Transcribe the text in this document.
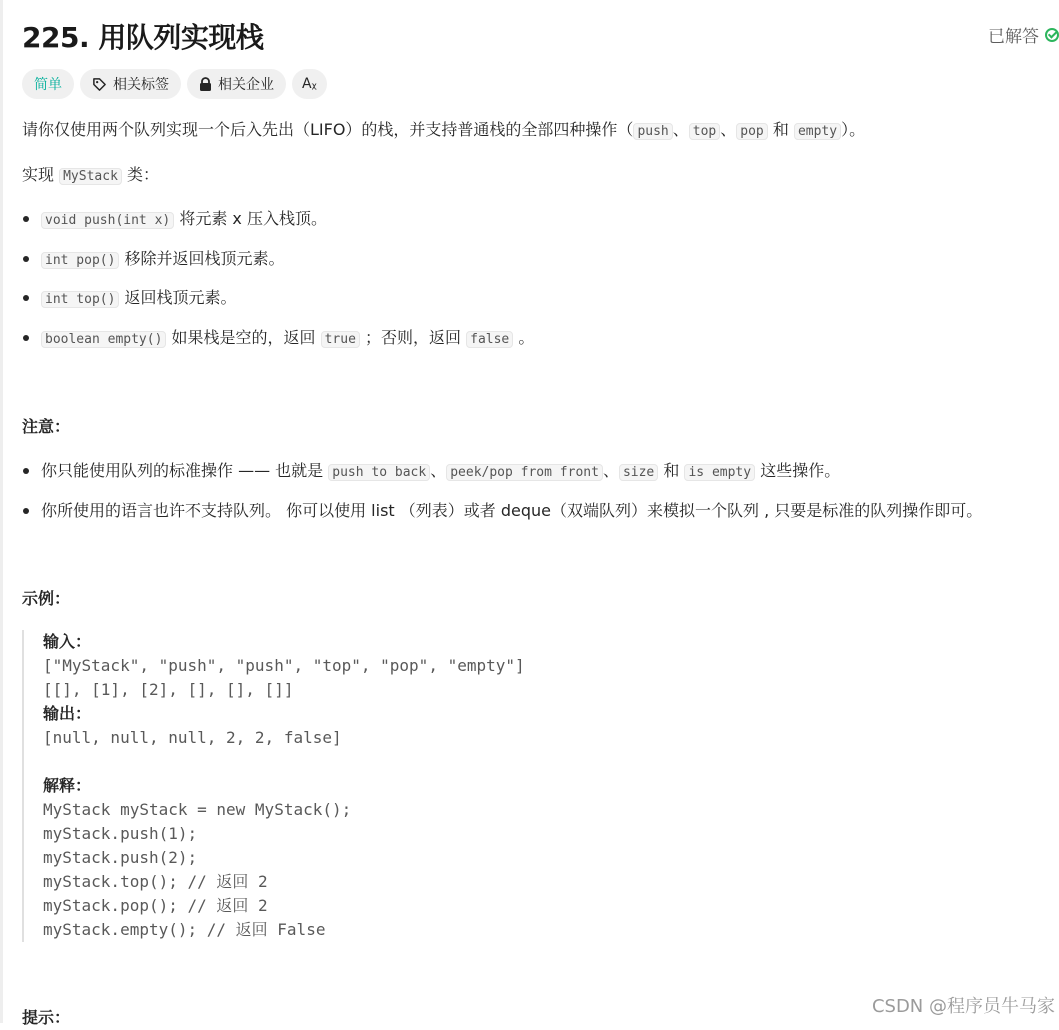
225. 用队列实现栈	已解答
简单	相关标签	相关企业 Aᵪ

请你仅使用两个队列实现一个后入先出（LIFO）的栈，并支持普通栈的全部四种操作（ push 、 top 、 pop 和 empty ）。

实现 MyStack 类：

void push(int x) 将元素 x 压入栈顶。
int pop() 移除并返回栈顶元素。
int top() 返回栈顶元素。
boolean empty() 如果栈是空的，返回 true ；否则，返回 false 。
注意：
你只能使用队列的标准操作 —— 也就是 push to back 、 peek/pop from front 、 size 和 is empty 这些操作。
你所使用的语言也许不支持队列。 你可以使用 list （列表）或者 deque（双端队列）来模拟一个队列 , 只要是标准的队列操作即可。
示例：
输入：
["MyStack", "push", "push", "top", "pop", "empty"]
[[], [1], [2], [], [], []]
输出：
[null, null, null, 2, 2, false]
解释：
MyStack myStack = new MyStack();
myStack.push(1);
myStack.push(2);
myStack.top(); // 返回 2
myStack.pop(); // 返回 2
myStack.empty(); // 返回 False
提示：
CSDN @程序员牛马家
